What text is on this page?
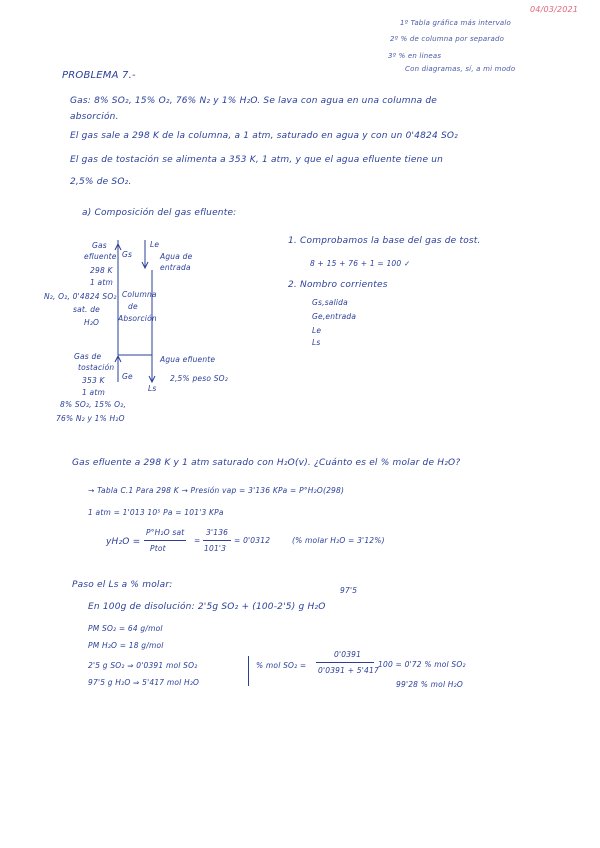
04/03/2021
1º Tabla gráfica más intervalo
2º % de columna por separado
3º % en lineas
Con diagramas, sí, a mi modo
PROBLEMA 7.-
Gas: 8% SO₂, 15% O₂, 76% N₂ y 1% H₂O. Se lava con agua en una columna de
absorción.
El gas sale a 298 K de la columna, a 1 atm, saturado en agua y con un 0'4824 SO₂
El gas de tostación se alimenta a 353 K, 1 atm, y que el agua efluente tiene un
2,5% de SO₂.
a) Composición del gas efluente:
Gas
efluente
298 K
1 atm
Gs
N₂, O₂, 0'4824 SO₂
sat. de
H₂O
Le
Agua de
entrada
Columna
de
Absorción
Gas de
tostación
353 K
1 atm
Ge
8% SO₂, 15% O₂,
76% N₂ y 1% H₂O
Agua efluente
2,5% peso SO₂
Ls
1. Comprobamos la base del gas de tost.
8 + 15 + 76 + 1 = 100 ✓
2. Nombro corrientes
Gs,salida
Ge,entrada
Le
Ls
Gas efluente a 298 K y 1 atm saturado con H₂O(v). ¿Cuánto es el % molar de H₂O?
→ Tabla C.1 Para 298 K → Presión vap = 3'136 KPa = P°H₂O(298)
1 atm = 1'013 10⁵ Pa = 101'3 KPa
yH₂O =
P°H₂O sat
Ptot
=
3'136
101'3
= 0'0312	(% molar H₂O = 3'12%)
Paso el Ls a % molar:
97'5
En 100g de disolución: 2'5g SO₂ + (100-2'5) g H₂O
PM SO₂ = 64 g/mol
PM H₂O = 18 g/mol
2'5 g SO₂ ⇒ 0'0391 mol SO₂
97'5 g H₂O ⇒ 5'417 mol H₂O
% mol SO₂ =
0'0391
0'0391 + 5'417
100 = 0'72 % mol SO₂
99'28 % mol H₂O
